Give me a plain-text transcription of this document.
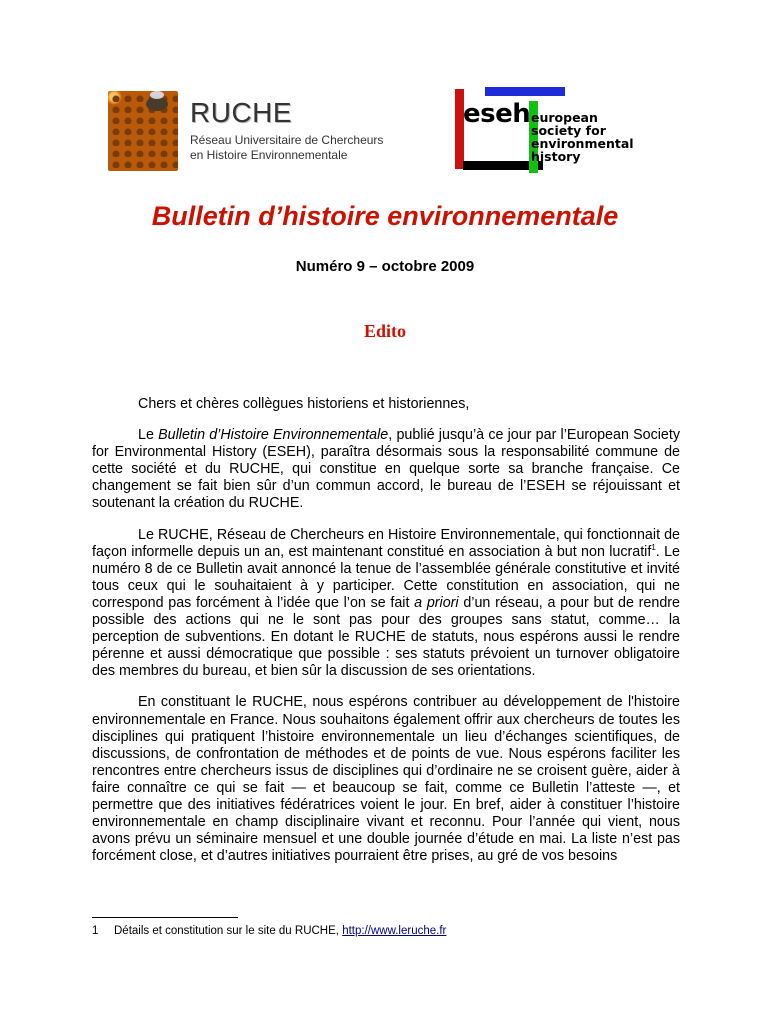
RUCHE
Réseau Universitaire de Chercheurs
en Histoire Environnementale
eseh european
society for
environmental
history
Bulletin d’histoire environnementale
Numéro 9 – octobre 2009
Edito

Chers et chères collègues historiens et historiennes,

Le Bulletin d’Histoire Environnementale, publié jusqu’à ce jour par l’European Society for Environmental History (ESEH), paraîtra désormais sous la responsabilité commune de cette société et du RUCHE, qui constitue en quelque sorte sa branche française. Ce changement se fait bien sûr d’un commun accord, le bureau de l’ESEH se réjouissant et soutenant la création du RUCHE.

Le RUCHE, Réseau de Chercheurs en Histoire Environnementale, qui fonctionnait de façon informelle depuis un an, est maintenant constitué en association à but non lucratif$^1$. Le numéro 8 de ce Bulletin avait annoncé la tenue de l’assemblée générale constitutive et invité tous ceux qui le souhaitaient à y participer. Cette constitution en association, qui ne correspond pas forcément à l’idée que l’on se fait a priori d’un réseau, a pour but de rendre possible des actions qui ne le sont pas pour des groupes sans statut, comme… la perception de subventions. En dotant le RUCHE de statuts, nous espérons aussi le rendre pérenne et aussi démocratique que possible : ses statuts prévoient un turnover obligatoire des membres du bureau, et bien sûr la discussion de ses orientations.

En constituant le RUCHE, nous espérons contribuer au développement de l'histoire environnementale en France. Nous souhaitons également offrir aux chercheurs de toutes les disciplines qui pratiquent l’histoire environnementale un lieu d’échanges scientifiques, de discussions, de confrontation de méthodes et de points de vue. Nous espérons faciliter les rencontres entre chercheurs issus de disciplines qui d’ordinaire ne se croisent guère, aider à faire connaître ce qui se fait — et beaucoup se fait, comme ce Bulletin l’atteste —, et permettre que des initiatives fédératrices voient le jour. En bref, aider à constituer l’histoire environnementale en champ disciplinaire vivant et reconnu. Pour l’année qui vient, nous avons prévu un séminaire mensuel et une double journée d’étude en mai. La liste n’est pas forcément close, et d’autres initiatives pourraient être prises, au gré de vos besoins

1 Détails et constitution sur le site du RUCHE, http://www.leruche.fr
